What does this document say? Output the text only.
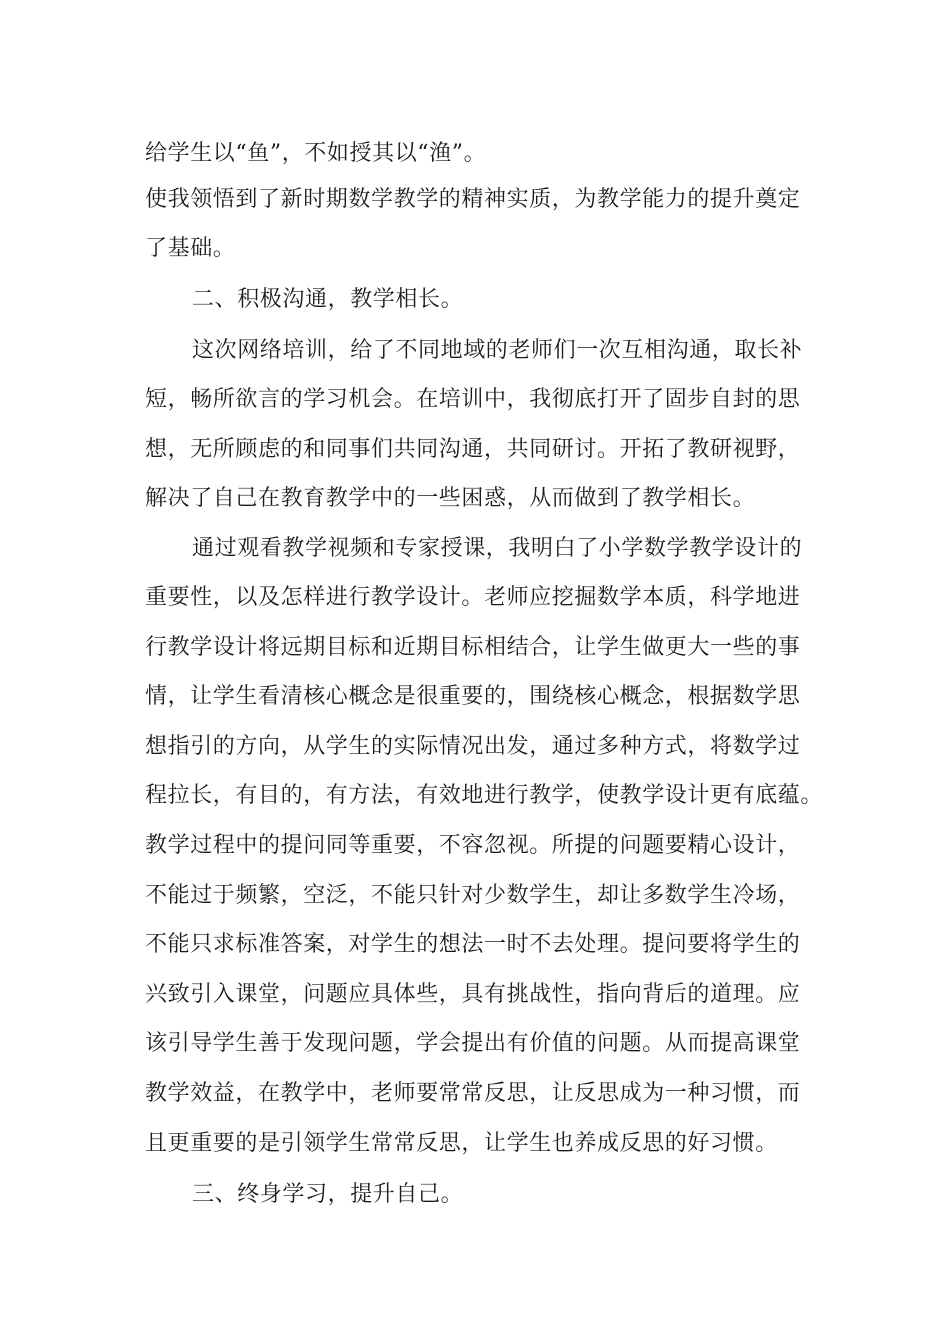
给学生以“鱼”，不如授其以“渔”。
使我领悟到了新时期数学教学的精神实质，为教学能力的提升奠定
了基础。
二、积极沟通，教学相长。
这次网络培训，给了不同地域的老师们一次互相沟通，取长补
短，畅所欲言的学习机会。在培训中，我彻底打开了固步自封的思
想，无所顾虑的和同事们共同沟通，共同研讨。开拓了教研视野，
解决了自己在教育教学中的一些困惑，从而做到了教学相长。
通过观看教学视频和专家授课，我明白了小学数学教学设计的
重要性，以及怎样进行教学设计。老师应挖掘数学本质，科学地进
行教学设计将远期目标和近期目标相结合，让学生做更大一些的事
情，让学生看清核心概念是很重要的，围绕核心概念，根据数学思
想指引的方向，从学生的实际情况出发，通过多种方式，将数学过
程拉长，有目的，有方法，有效地进行教学，使教学设计更有底蕴。
教学过程中的提问同等重要，不容忽视。所提的问题要精心设计，
不能过于频繁，空泛，不能只针对少数学生，却让多数学生冷场，
不能只求标准答案，对学生的想法一时不去处理。提问要将学生的
兴致引入课堂，问题应具体些，具有挑战性，指向背后的道理。应
该引导学生善于发现问题，学会提出有价值的问题。从而提高课堂
教学效益，在教学中，老师要常常反思，让反思成为一种习惯，而
且更重要的是引领学生常常反思，让学生也养成反思的好习惯。
三、终身学习，提升自己。
